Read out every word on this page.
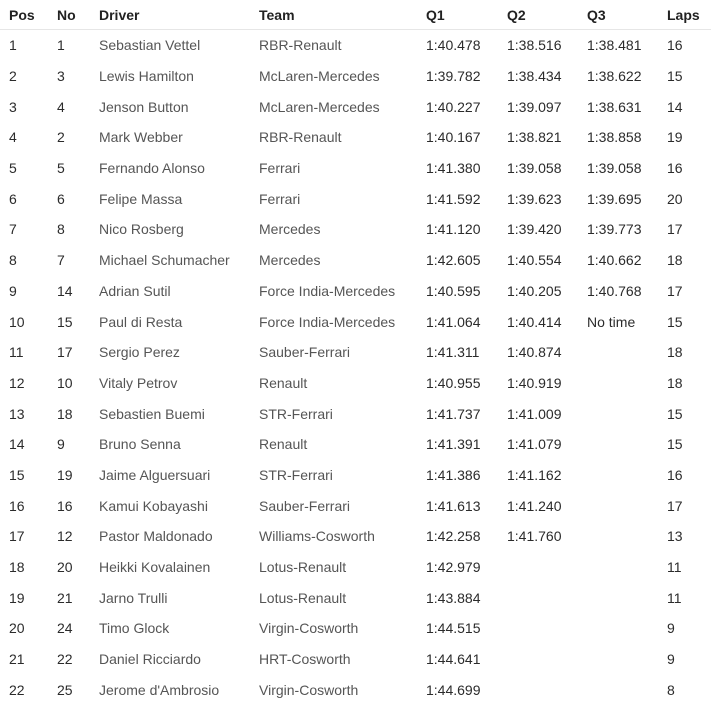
Pos	No	Driver	Team	Q1	Q2	Q3	Laps
1	1	Sebastian Vettel	RBR-Renault	1:40.478	1:38.516	1:38.481	16
2	3	Lewis Hamilton	McLaren-Mercedes	1:39.782	1:38.434	1:38.622	15
3	4	Jenson Button	McLaren-Mercedes	1:40.227	1:39.097	1:38.631	14
4	2	Mark Webber	RBR-Renault	1:40.167	1:38.821	1:38.858	19
5	5	Fernando Alonso	Ferrari	1:41.380	1:39.058	1:39.058	16
6	6	Felipe Massa	Ferrari	1:41.592	1:39.623	1:39.695	20
7	8	Nico Rosberg	Mercedes	1:41.120	1:39.420	1:39.773	17
8	7	Michael Schumacher	Mercedes	1:42.605	1:40.554	1:40.662	18
9	14	Adrian Sutil	Force India-Mercedes	1:40.595	1:40.205	1:40.768	17
10	15	Paul di Resta	Force India-Mercedes	1:41.064	1:40.414	No time	15
11	17	Sergio Perez	Sauber-Ferrari	1:41.311	1:40.874		18
12	10	Vitaly Petrov	Renault	1:40.955	1:40.919		18
13	18	Sebastien Buemi	STR-Ferrari	1:41.737	1:41.009		15
14	9	Bruno Senna	Renault	1:41.391	1:41.079		15
15	19	Jaime Alguersuari	STR-Ferrari	1:41.386	1:41.162		16
16	16	Kamui Kobayashi	Sauber-Ferrari	1:41.613	1:41.240		17
17	12	Pastor Maldonado	Williams-Cosworth	1:42.258	1:41.760		13
18	20	Heikki Kovalainen	Lotus-Renault	1:42.979			11
19	21	Jarno Trulli	Lotus-Renault	1:43.884			11
20	24	Timo Glock	Virgin-Cosworth	1:44.515			9
21	22	Daniel Ricciardo	HRT-Cosworth	1:44.641			9
22	25	Jerome d'Ambrosio	Virgin-Cosworth	1:44.699			8
